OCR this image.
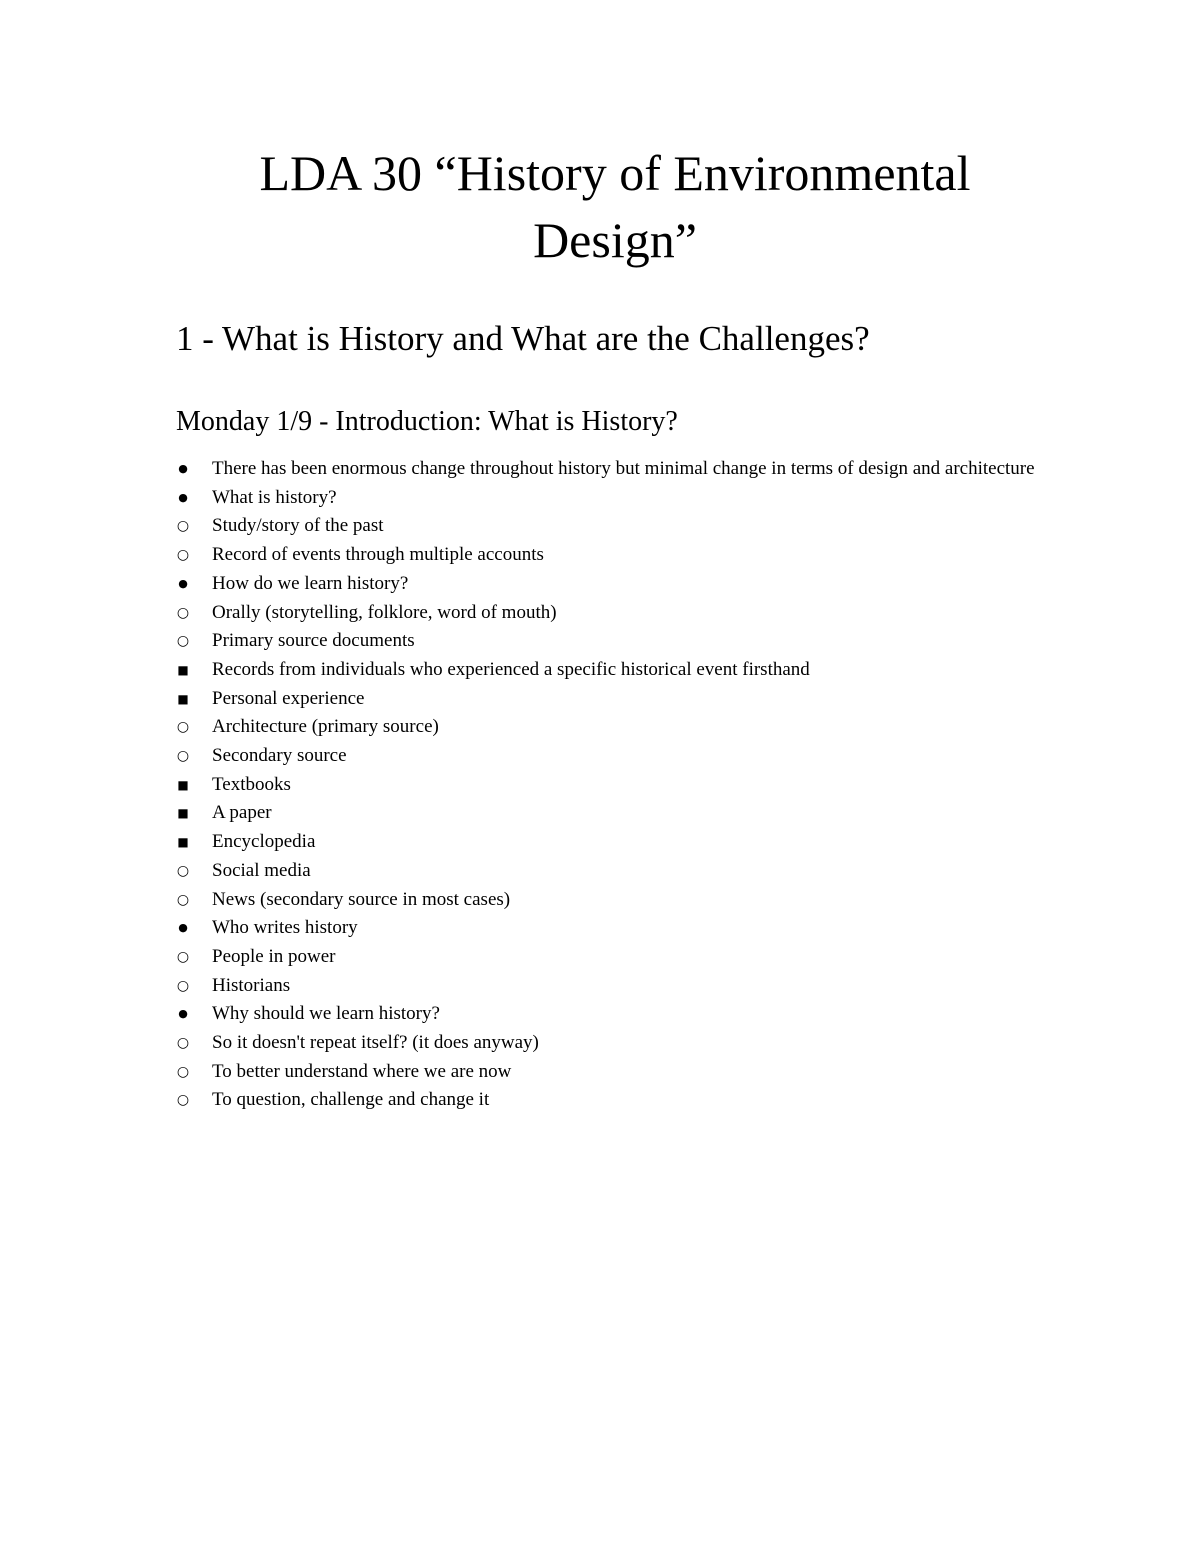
LDA 30 “History of Environmental
Design”
1 - What is History and What are the Challenges?
Monday 1/9 - Introduction: What is History?
● There has been enormous change throughout history but minimal change in terms of design and architecture
● What is history?
○ Study/story of the past
○ Record of events through multiple accounts
● How do we learn history?
○ Orally (storytelling, folklore, word of mouth)
○ Primary source documents
■ Records from individuals who experienced a specific historical event firsthand
■ Personal experience
○ Architecture (primary source)
○ Secondary source
■ Textbooks
■ A paper
■ Encyclopedia
○ Social media
○ News (secondary source in most cases)
● Who writes history
○ People in power
○ Historians
● Why should we learn history?
○ So it doesn't repeat itself? (it does anyway)
○ To better understand where we are now
○ To question, challenge and change it
